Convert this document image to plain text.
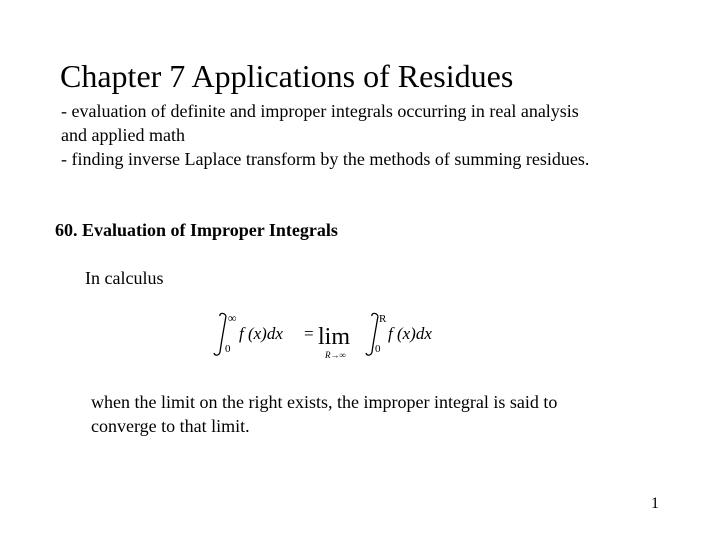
Chapter 7 Applications of Residues
- evaluation of definite and improper integrals occurring in real analysis
and applied math
- finding inverse Laplace transform by the methods of summing residues.
60. Evaluation of Improper Integrals
In calculus
∞
0
f (x)dx = lim
R→∞
R
0
f (x)dx
when the limit on the right exists, the improper integral is said to
converge to that limit.
1
